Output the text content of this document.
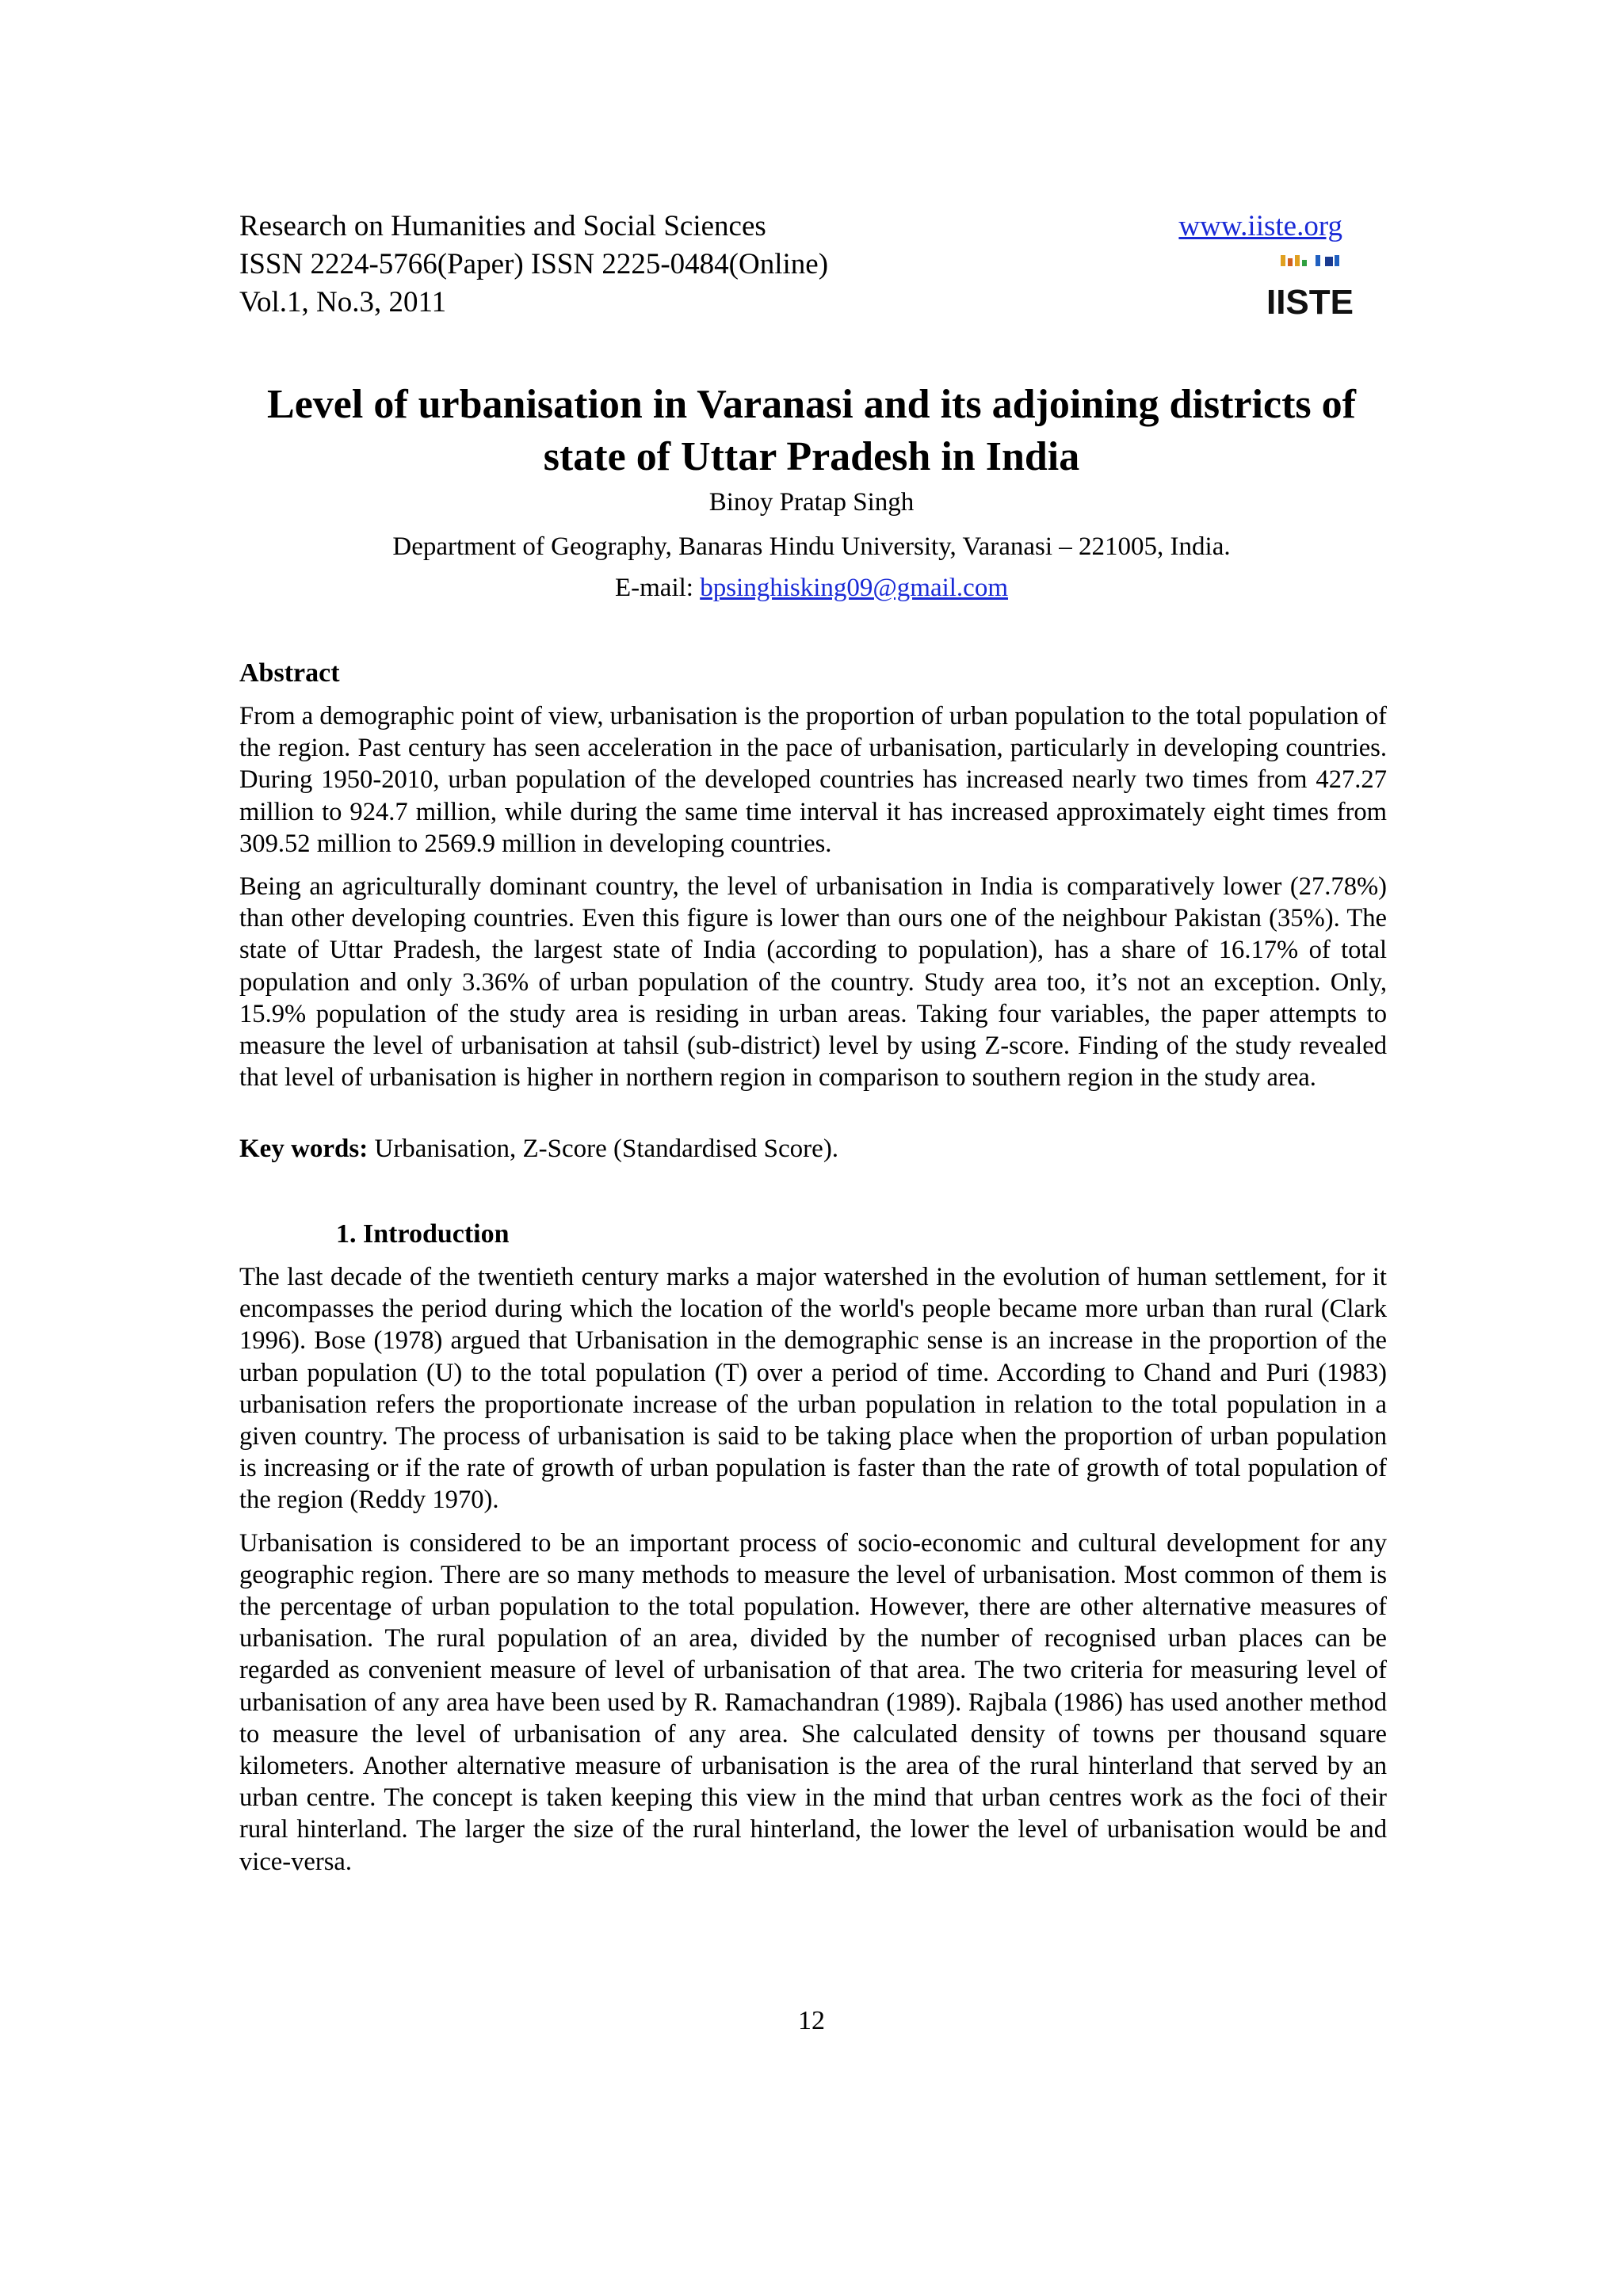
Research on Humanities and Social Sciences	www.iiste.org
ISSN 2224-5766(Paper) ISSN 2225-0484(Online)
Vol.1, No.3, 2011	IISTE
Level of urbanisation in Varanasi and its adjoining districts of
state of Uttar Pradesh in India
Binoy Pratap Singh
Department of Geography, Banaras Hindu University, Varanasi – 221005, India.
E-mail: bpsinghisking09@gmail.com
Abstract

From a demographic point of view, urbanisation is the proportion of urban population to the total population of the region. Past century has seen acceleration in the pace of urbanisation, particularly in developing countries. During 1950-2010, urban population of the developed countries has increased nearly two times from 427.27 million to 924.7 million, while during the same time interval it has increased approximately eight times from 309.52 million to 2569.9 million in developing countries.

Being an agriculturally dominant country, the level of urbanisation in India is comparatively lower (27.78%) than other developing countries. Even this figure is lower than ours one of the neighbour Pakistan (35%). The state of Uttar Pradesh, the largest state of India (according to population), has a share of 16.17% of total population and only 3.36% of urban population of the country. Study area too, it’s not an exception. Only, 15.9% population of the study area is residing in urban areas. Taking four variables, the paper attempts to measure the level of urbanisation at tahsil (sub-district) level by using Z-score. Finding of the study revealed that level of urbanisation is higher in northern region in comparison to southern region in the study area.

Key words: Urbanisation, Z-Score (Standardised Score).
1. Introduction

The last decade of the twentieth century marks a major watershed in the evolution of human settlement, for it encompasses the period during which the location of the world's people became more urban than rural (Clark 1996). Bose (1978) argued that Urbanisation in the demographic sense is an increase in the proportion of the urban population (U) to the total population (T) over a period of time. According to Chand and Puri (1983) urbanisation refers the proportionate increase of the urban population in relation to the total population in a given country. The process of urbanisation is said to be taking place when the proportion of urban population is increasing or if the rate of growth of urban population is faster than the rate of growth of total population of the region (Reddy 1970).

Urbanisation is considered to be an important process of socio-economic and cultural development for any geographic region. There are so many methods to measure the level of urbanisation. Most common of them is the percentage of urban population to the total population. However, there are other alternative measures of urbanisation. The rural population of an area, divided by the number of recognised urban places can be regarded as convenient measure of level of urbanisation of that area. The two criteria for measuring level of urbanisation of any area have been used by R. Ramachandran (1989). Rajbala (1986) has used another method to measure the level of urbanisation of any area. She calculated density of towns per thousand square kilometers. Another alternative measure of urbanisation is the area of the rural hinterland that served by an urban centre. The concept is taken keeping this view in the mind that urban centres work as the foci of their rural hinterland. The larger the size of the rural hinterland, the lower the level of urbanisation would be and vice-versa.

12
